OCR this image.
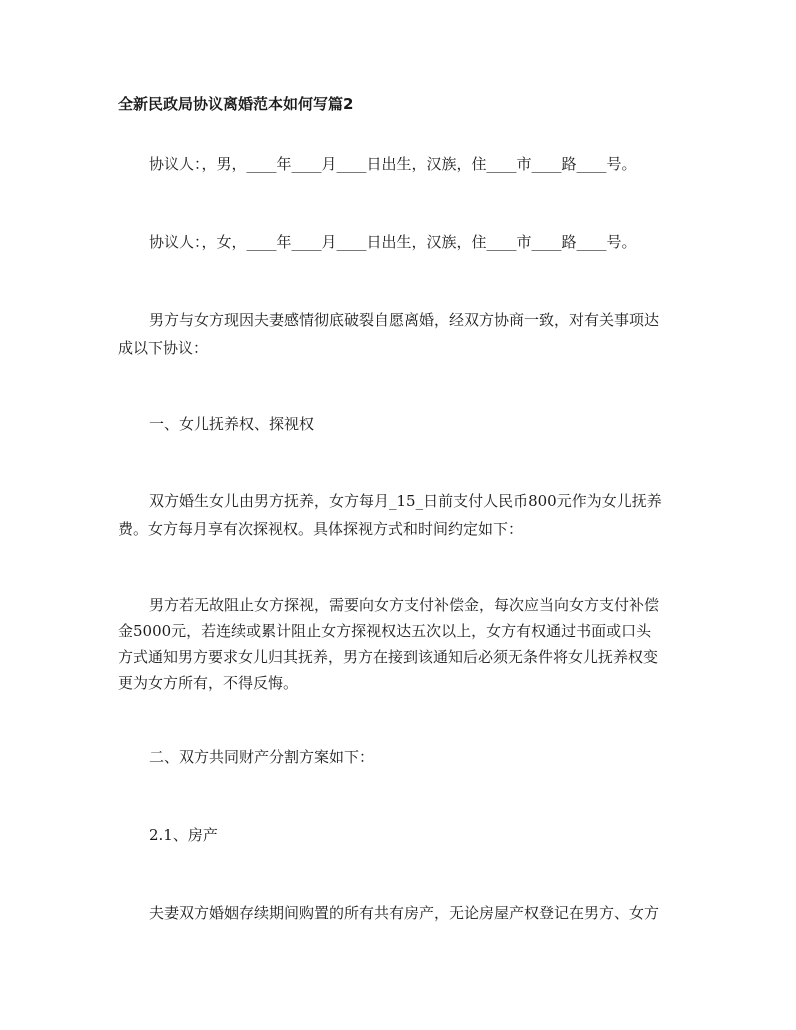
全新民政局协议离婚范本如何写篇2

协议人：，男，____年____月____日出生，汉族，住____市____路____号。

协议人：，女，____年____月____日出生，汉族，住____市____路____号。

男方与女方现因夫妻感情彻底破裂自愿离婚，经双方协商一致，对有关事项达

成以下协议：

一、女儿抚养权、探视权

双方婚生女儿由男方抚养，女方每月_15_日前支付人民币800元作为女儿抚养

费。女方每月享有次探视权。具体探视方式和时间约定如下：

男方若无故阻止女方探视，需要向女方支付补偿金，每次应当向女方支付补偿

金5000元，若连续或累计阻止女方探视权达五次以上，女方有权通过书面或口头

方式通知男方要求女儿归其抚养，男方在接到该通知后必须无条件将女儿抚养权变

更为女方所有，不得反悔。

二、双方共同财产分割方案如下：

2.1、房产

夫妻双方婚姻存续期间购置的所有共有房产，无论房屋产权登记在男方、女方
